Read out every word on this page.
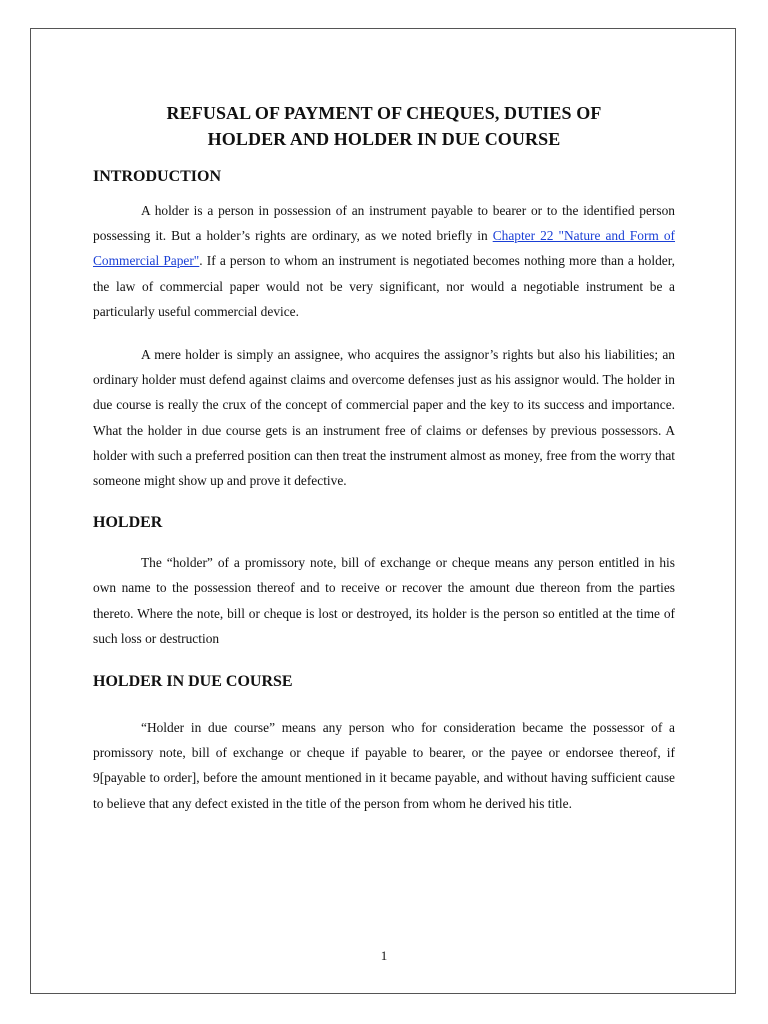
REFUSAL OF PAYMENT OF CHEQUES, DUTIES OF

HOLDER AND HOLDER IN DUE COURSE

INTRODUCTION

A holder is a person in possession of an instrument payable to bearer or to the identified person possessing it. But a holder’s rights are ordinary, as we noted briefly in Chapter 22 "Nature and Form of Commercial Paper". If a person to whom an instrument is negotiated becomes nothing more than a holder, the law of commercial paper would not be very significant, nor would a negotiable instrument be a particularly useful commercial device.

A mere holder is simply an assignee, who acquires the assignor’s rights but also his liabilities; an ordinary holder must defend against claims and overcome defenses just as his assignor would. The holder in due course is really the crux of the concept of commercial paper and the key to its success and importance. What the holder in due course gets is an instrument free of claims or defenses by previous possessors. A holder with such a preferred position can then treat the instrument almost as money, free from the worry that someone might show up and prove it defective.

HOLDER

The “holder” of a promissory note, bill of exchange or cheque means any person entitled in his own name to the possession thereof and to receive or recover the amount due thereon from the parties thereto. Where the note, bill or cheque is lost or destroyed, its holder is the person so entitled at the time of such loss or destruction

HOLDER IN DUE COURSE

“Holder in due course” means any person who for consideration became the possessor of a promissory note, bill of exchange or cheque if payable to bearer, or the payee or endorsee thereof, if 9[payable to order], before the amount mentioned in it became payable, and without having sufficient cause to believe that any defect existed in the title of the person from whom he derived his title.

1
